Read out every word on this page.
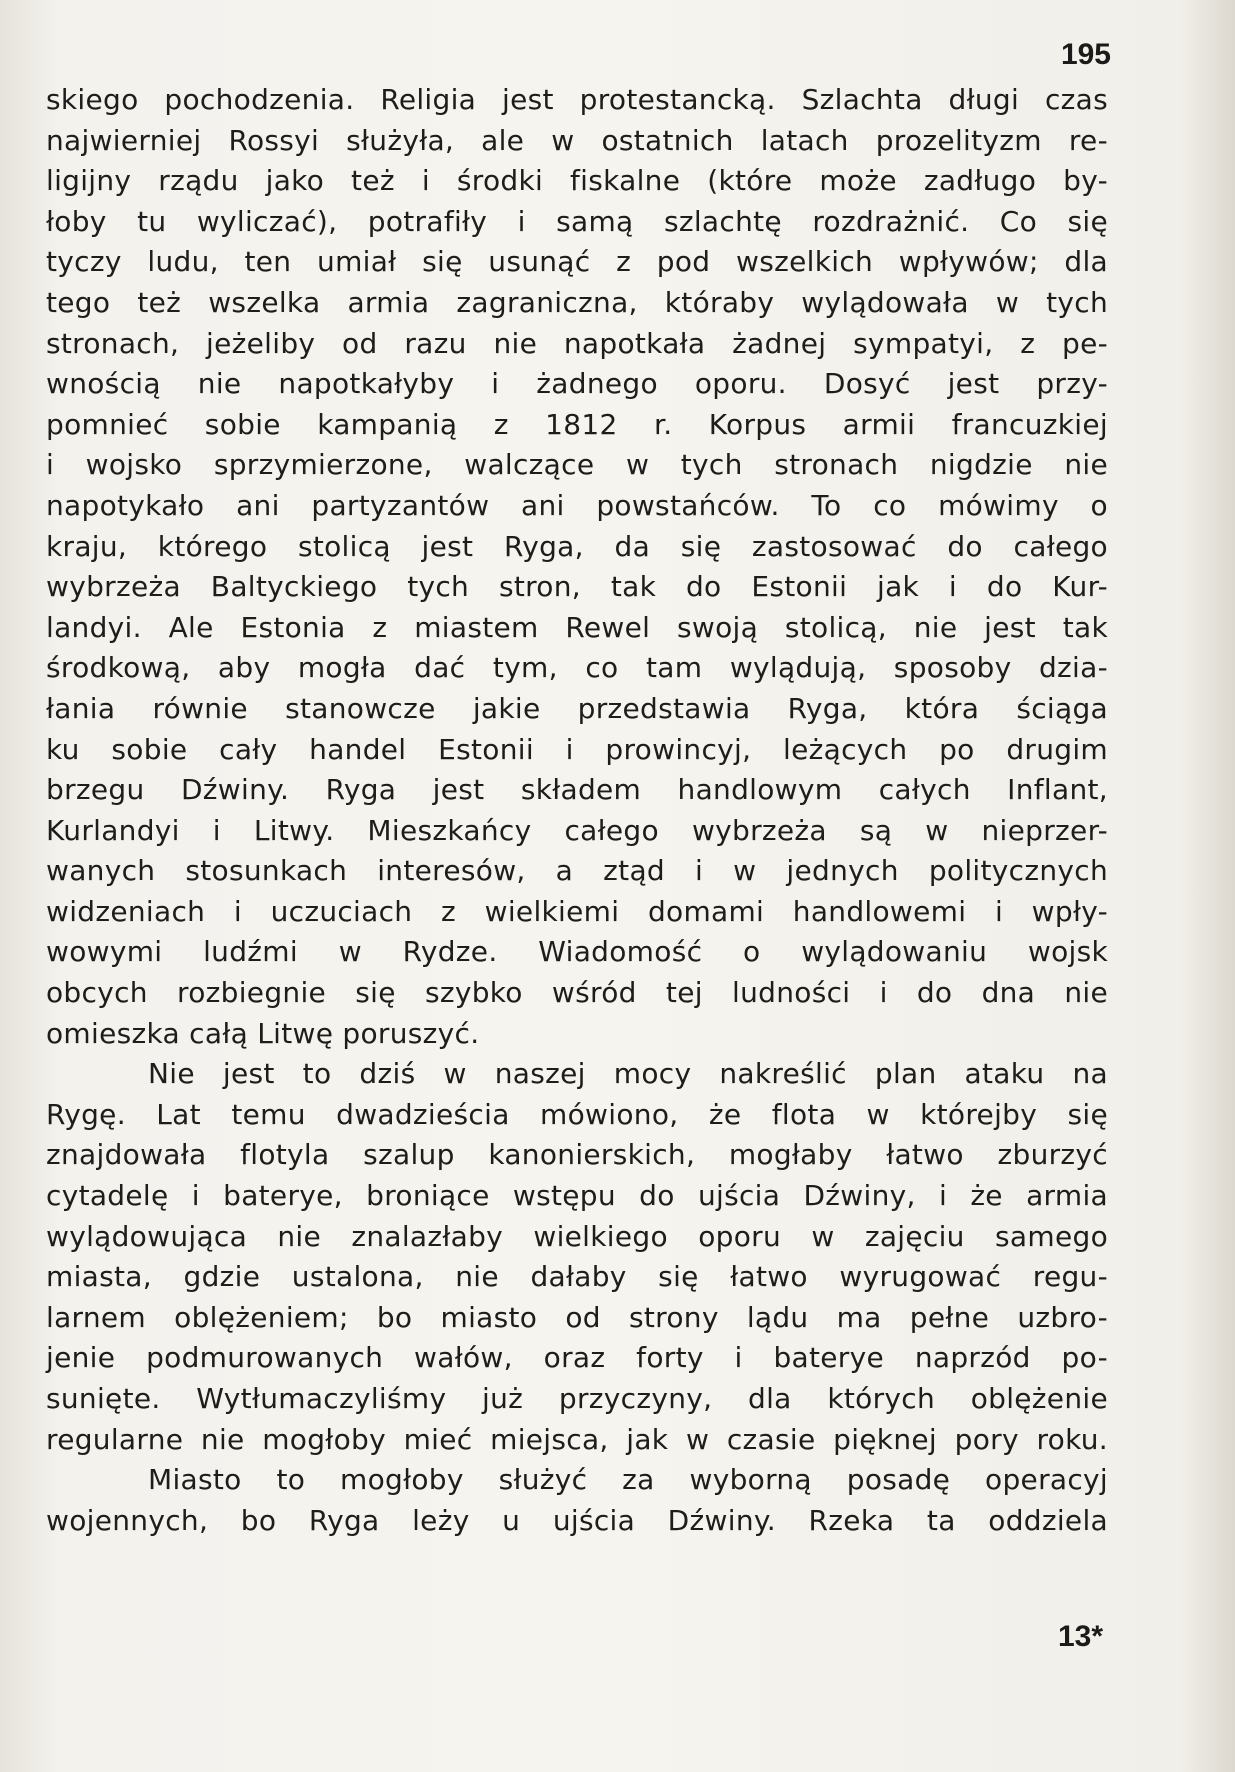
195
skiego pochodzenia. Religia jest protestancką. Szlachta długi czas
najwierniej Rossyi służyła, ale w ostatnich latach prozelityzm re-
ligijny rządu jako też i środki fiskalne (które może zadługo by-
łoby tu wyliczać), potrafiły i samą szlachtę rozdrażnić. Co się
tyczy ludu, ten umiał się usunąć z pod wszelkich wpływów; dla
tego też wszelka armia zagraniczna, któraby wylądowała w tych
stronach, jeżeliby od razu nie napotkała żadnej sympatyi, z pe-
wnością nie napotkałyby i żadnego oporu. Dosyć jest przy-
pomnieć sobie kampanią z 1812 r. Korpus armii francuzkiej
i wojsko sprzymierzone, walczące w tych stronach nigdzie nie
napotykało ani partyzantów ani powstańców. To co mówimy o
kraju, którego stolicą jest Ryga, da się zastosować do całego
wybrzeża Baltyckiego tych stron, tak do Estonii jak i do Kur-
landyi. Ale Estonia z miastem Rewel swoją stolicą, nie jest tak
środkową, aby mogła dać tym, co tam wylądują, sposoby dzia-
łania równie stanowcze jakie przedstawia Ryga, która ściąga
ku sobie cały handel Estonii i prowincyj, leżących po drugim
brzegu Dźwiny. Ryga jest składem handlowym całych Inflant,
Kurlandyi i Litwy. Mieszkańcy całego wybrzeża są w nieprzer-
wanych stosunkach interesów, a ztąd i w jednych politycznych
widzeniach i uczuciach z wielkiemi domami handlowemi i wpły-
wowymi ludźmi w Rydze. Wiadomość o wylądowaniu wojsk
obcych rozbiegnie się szybko wśród tej ludności i do dna nie
omieszka całą Litwę poruszyć.
Nie jest to dziś w naszej mocy nakreślić plan ataku na
Rygę. Lat temu dwadzieścia mówiono, że flota w którejby się
znajdowała flotyla szalup kanonierskich, mogłaby łatwo zburzyć
cytadelę i bateryе, broniące wstępu do ujścia Dźwiny, i że armia
wylądowująca nie znalazłaby wielkiego oporu w zajęciu samego
miasta, gdzie ustalona, nie dałaby się łatwo wyrugować regu-
larnem oblężeniem; bo miasto od strony lądu ma pełne uzbro-
jenie podmurowanych wałów, oraz forty i bateryе naprzód po-
sunięte. Wytłumaczyliśmy już przyczyny, dla których oblężenie
regularne nie mogłoby mieć miejsca, jak w czasie pięknej pory roku.
Miasto to mogłoby służyć za wyborną posadę operacyj
wojennych, bo Ryga leży u ujścia Dźwiny. Rzeka ta oddziela
13*
